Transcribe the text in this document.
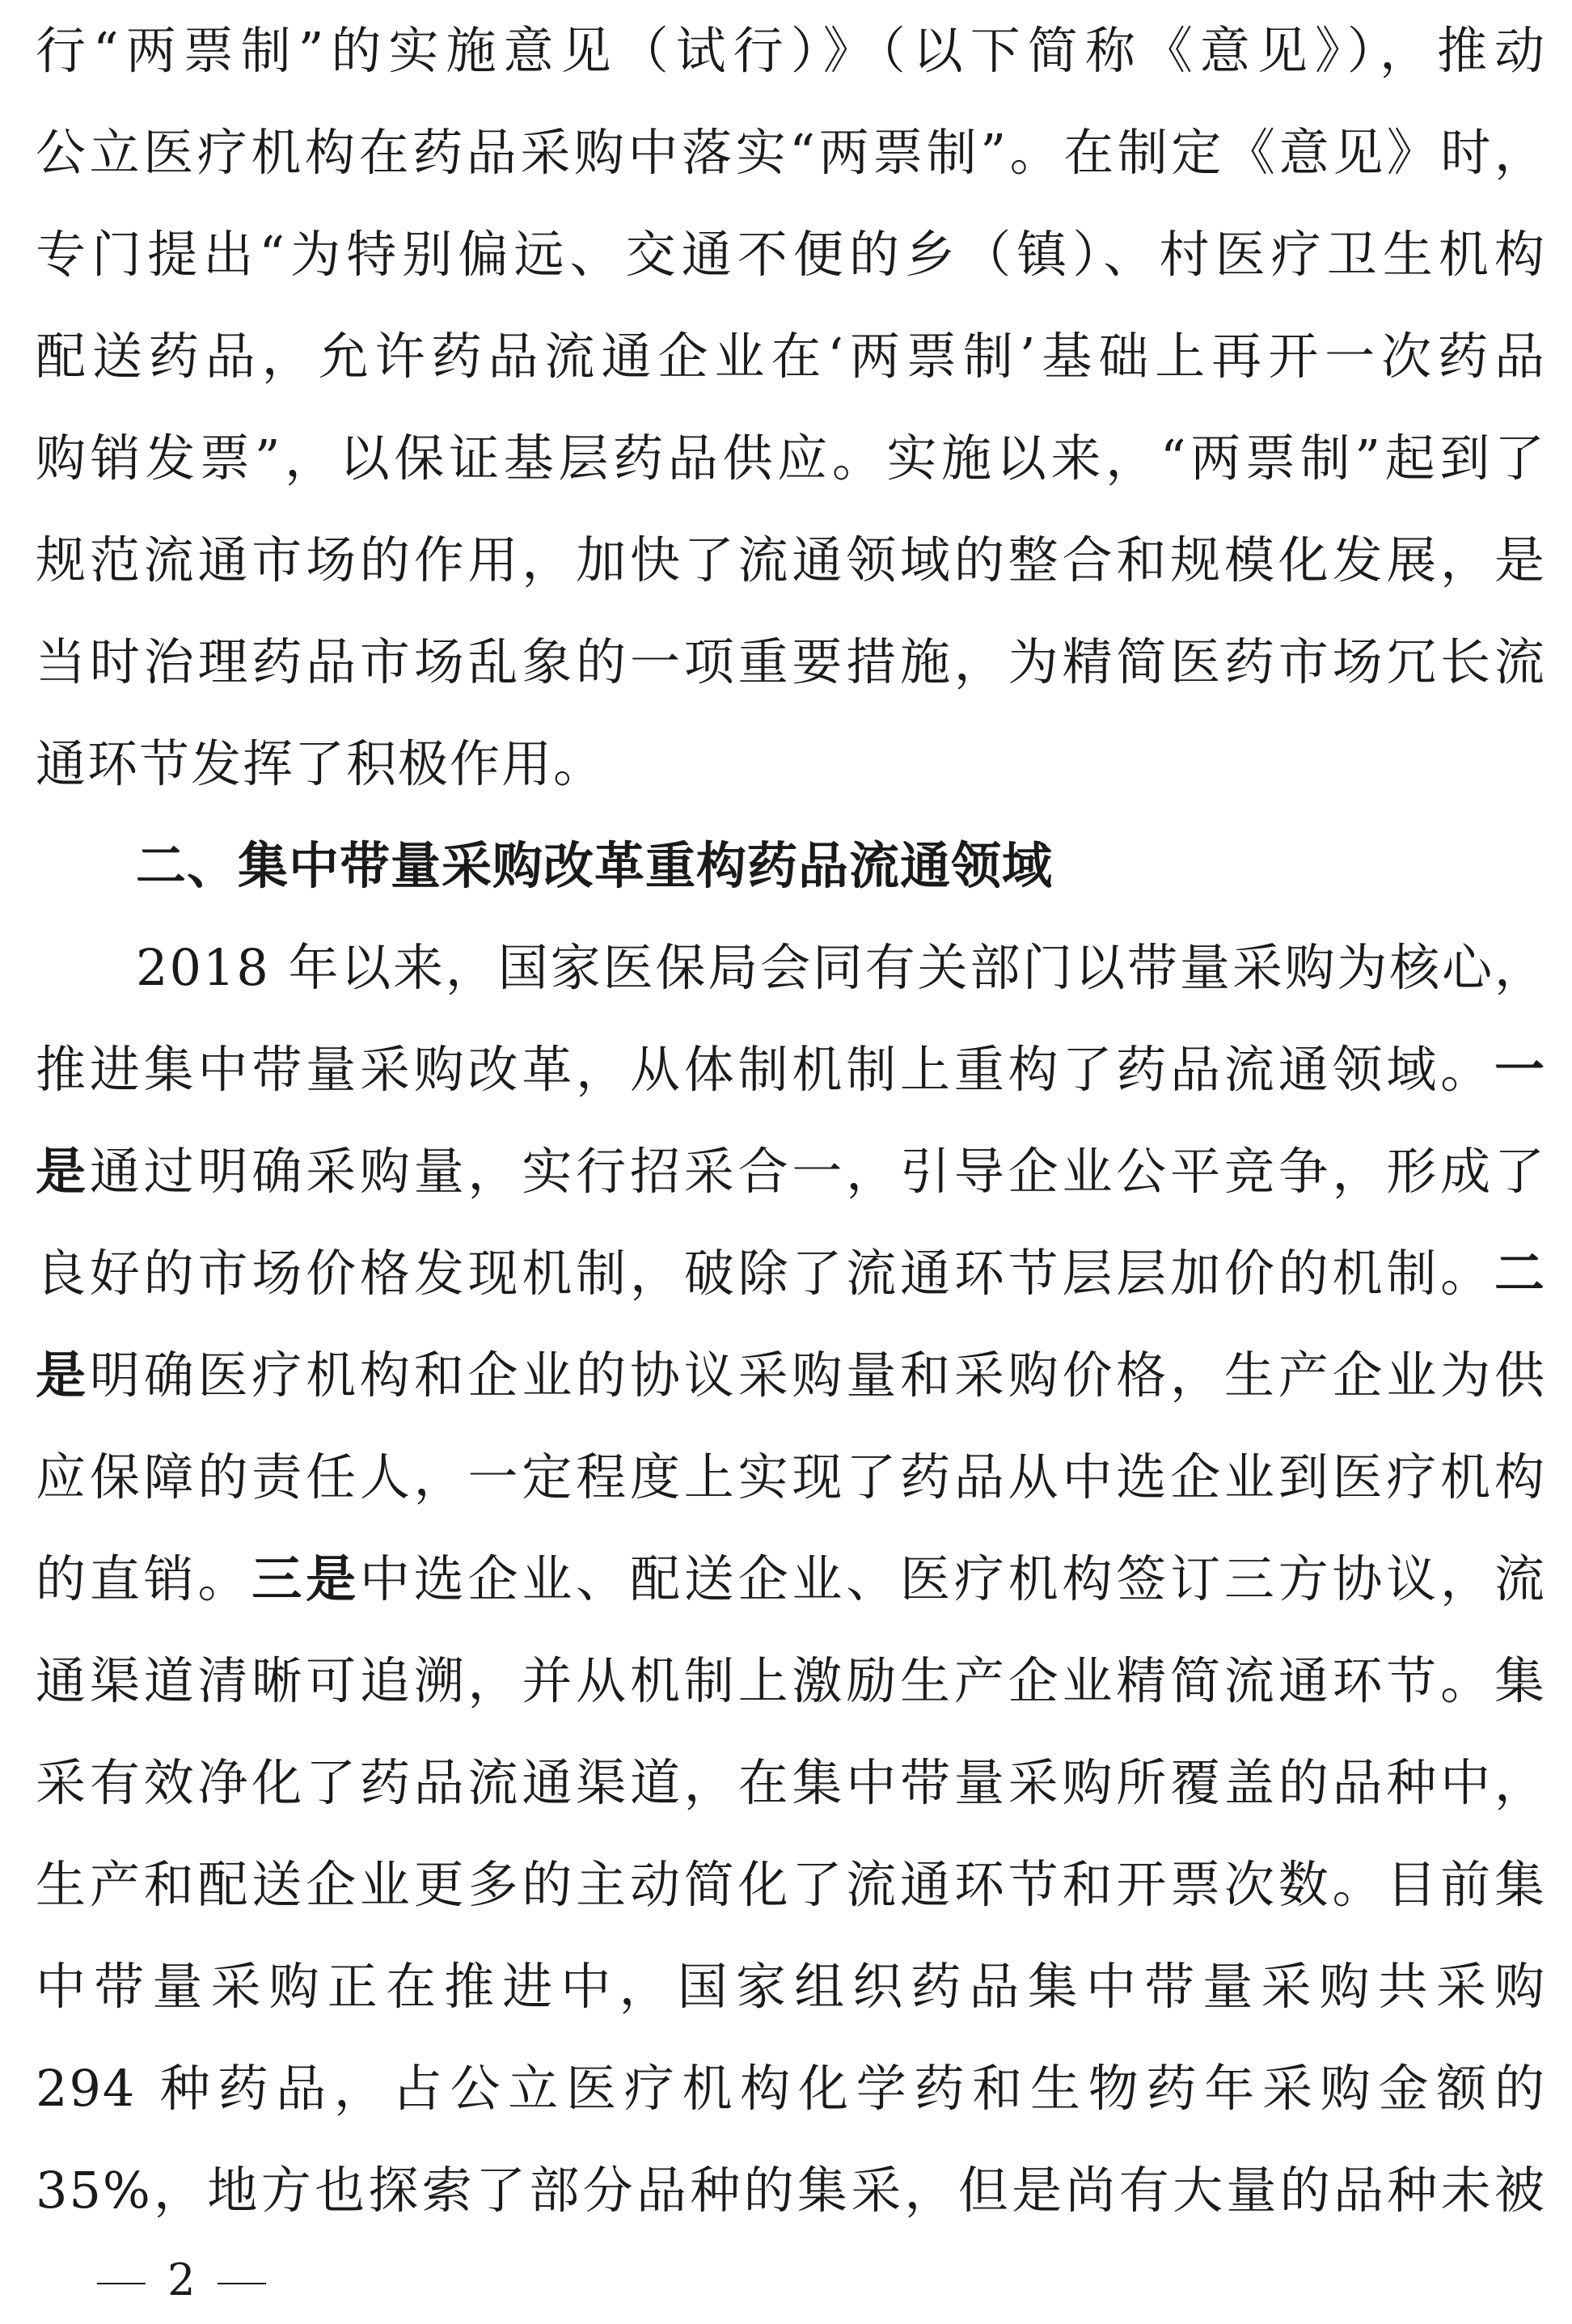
行“两票制”的实施意见（试行）》（以下简称《意见》），推动
公立医疗机构在药品采购中落实“两票制”。在制定《意见》时，
专门提出“为特别偏远、交通不便的乡（镇）、村医疗卫生机构
配送药品，允许药品流通企业在‘两票制’基础上再开一次药品
购销发票”，以保证基层药品供应。实施以来，“两票制”起到了
规范流通市场的作用，加快了流通领域的整合和规模化发展，是
当时治理药品市场乱象的一项重要措施，为精简医药市场冗长流
通环节发挥了积极作用。
二、集中带量采购改革重构药品流通领域
2018 年以来，国家医保局会同有关部门以带量采购为核心，
推进集中带量采购改革，从体制机制上重构了药品流通领域。一
是通过明确采购量，实行招采合一，引导企业公平竞争，形成了
良好的市场价格发现机制，破除了流通环节层层加价的机制。二
是明确医疗机构和企业的协议采购量和采购价格，生产企业为供
应保障的责任人，一定程度上实现了药品从中选企业到医疗机构
的直销。三是中选企业、配送企业、医疗机构签订三方协议，流
通渠道清晰可追溯，并从机制上激励生产企业精简流通环节。集
采有效净化了药品流通渠道，在集中带量采购所覆盖的品种中，
生产和配送企业更多的主动简化了流通环节和开票次数。目前集
中带量采购正在推进中，国家组织药品集中带量采购共采购
294 种药品，占公立医疗机构化学药和生物药年采购金额的
35%，地方也探索了部分品种的集采，但是尚有大量的品种未被
2
